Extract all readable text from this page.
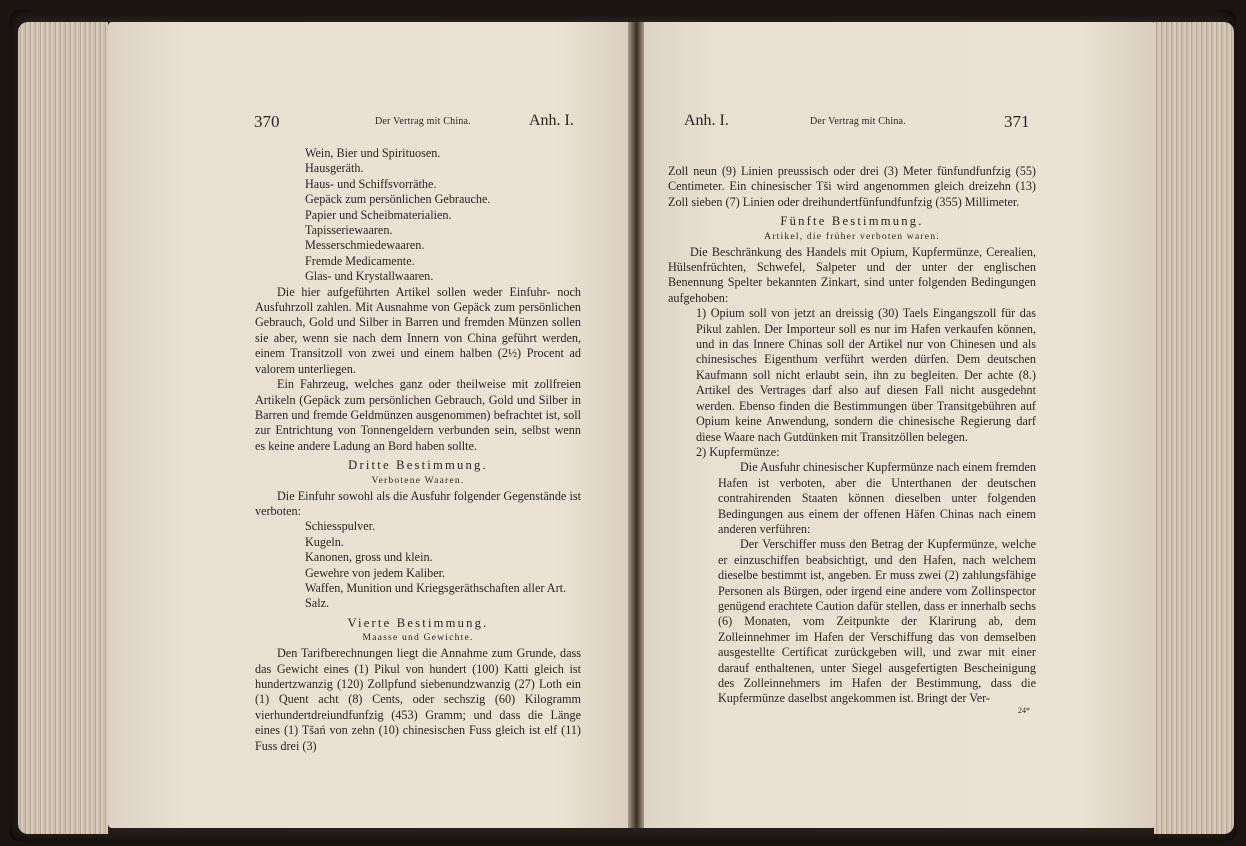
370	Der Vertrag mit China.	Anh. I.
Wein, Bier und Spirituosen.
Hausgeräth.
Haus- und Schiffsvorräthe.
Gepäck zum persönlichen Gebrauche.
Papier und Scheibmaterialien.
Tapisseriewaaren.
Messerschmiedewaaren.
Fremde Medicamente.
Glas- und Krystallwaaren.

Die hier aufgeführten Artikel sollen weder Einfuhr- noch Ausfuhrzoll zahlen. Mit Ausnahme von Gepäck zum persönlichen Gebrauch, Gold und Silber in Barren und fremden Münzen sollen sie aber, wenn sie nach dem Innern von China geführt werden, einem Transitzoll von zwei und einem halben (2½) Procent ad valorem unterliegen.

Ein Fahrzeug, welches ganz oder theilweise mit zollfreien Artikeln (Gepäck zum persönlichen Gebrauch, Gold und Silber in Barren und fremde Geldmünzen ausgenommen) befrachtet ist, soll zur Entrichtung von Tonnengeldern verbunden sein, selbst wenn es keine andere Ladung an Bord haben sollte.

Dritte Bestimmung.
Verbotene Waaren.

Die Einfuhr sowohl als die Ausfuhr folgender Gegenstände ist verboten:

Schiesspulver.
Kugeln.
Kanonen, gross und klein.
Gewehre von jedem Kaliber.
Waffen, Munition und Kriegsgeräthschaften aller Art.
Salz.
Vierte Bestimmung.
Maasse und Gewichte.

Den Tarifberechnungen liegt die Annahme zum Grunde, dass das Gewicht eines (1) Pikul von hundert (100) Katti gleich ist hundertzwanzig (120) Zollpfund siebenundzwanzig (27) Loth ein (1) Quent acht (8) Cents, oder sechszig (60) Kilogramm vierhundertdreiundfunfzig (453) Gramm; und dass die Länge eines (1) Tšań von zehn (10) chinesischen Fuss gleich ist elf (11) Fuss drei (3)

Anh. I.	Der Vertrag mit China.	371

Zoll neun (9) Linien preussisch oder drei (3) Meter fünfundfunfzig (55) Centimeter. Ein chinesischer Tši wird angenommen gleich dreizehn (13) Zoll sieben (7) Linien oder dreihundertfünfundfunfzig (355) Millimeter.

Fünfte Bestimmung.
Artikel, die früher verboten waren.

Die Beschränkung des Handels mit Opium, Kupfermünze, Cerealien, Hülsenfrüchten, Schwefel, Salpeter und der unter der englischen Benennung Spelter bekannten Zinkart, sind unter folgenden Bedingungen aufgehoben:

1) Opium soll von jetzt an dreissig (30) Taels Eingangszoll für das Pikul zahlen. Der Importeur soll es nur im Hafen verkaufen können, und in das Innere Chinas soll der Artikel nur von Chinesen und als chinesisches Eigenthum verführt werden dürfen. Dem deutschen Kaufmann soll nicht erlaubt sein, ihn zu begleiten. Der achte (8.) Artikel des Vertrages darf also auf diesen Fall nicht ausgedehnt werden. Ebenso finden die Bestimmungen über Transitgebühren auf Opium keine Anwendung, sondern die chinesische Regierung darf diese Waare nach Gutdünken mit Transitzöllen belegen.

2) Kupfermünze:

Die Ausfuhr chinesischer Kupfermünze nach einem fremden Hafen ist verboten, aber die Unterthanen der deutschen contrahirenden Staaten können dieselben unter folgenden Bedingungen aus einem der offenen Häfen Chinas nach einem anderen verführen:

Der Verschiffer muss den Betrag der Kupfermünze, welche er einzuschiffen beabsichtigt, und den Hafen, nach welchem dieselbe bestimmt ist, angeben. Er muss zwei (2) zahlungsfähige Personen als Bürgen, oder irgend eine andere vom Zollinspector genügend erachtete Caution dafür stellen, dass er innerhalb sechs (6) Monaten, vom Zeitpunkte der Klarirung ab, dem Zolleinnehmer im Hafen der Verschiffung das von demselben ausgestellte Certificat zurückgeben will, und zwar mit einer darauf enthaltenen, unter Siegel ausgefertigten Bescheinigung des Zolleinnehmers im Hafen der Bestimmung, dass die Kupfermünze daselbst angekommen ist. Bringt der Ver-

24*
